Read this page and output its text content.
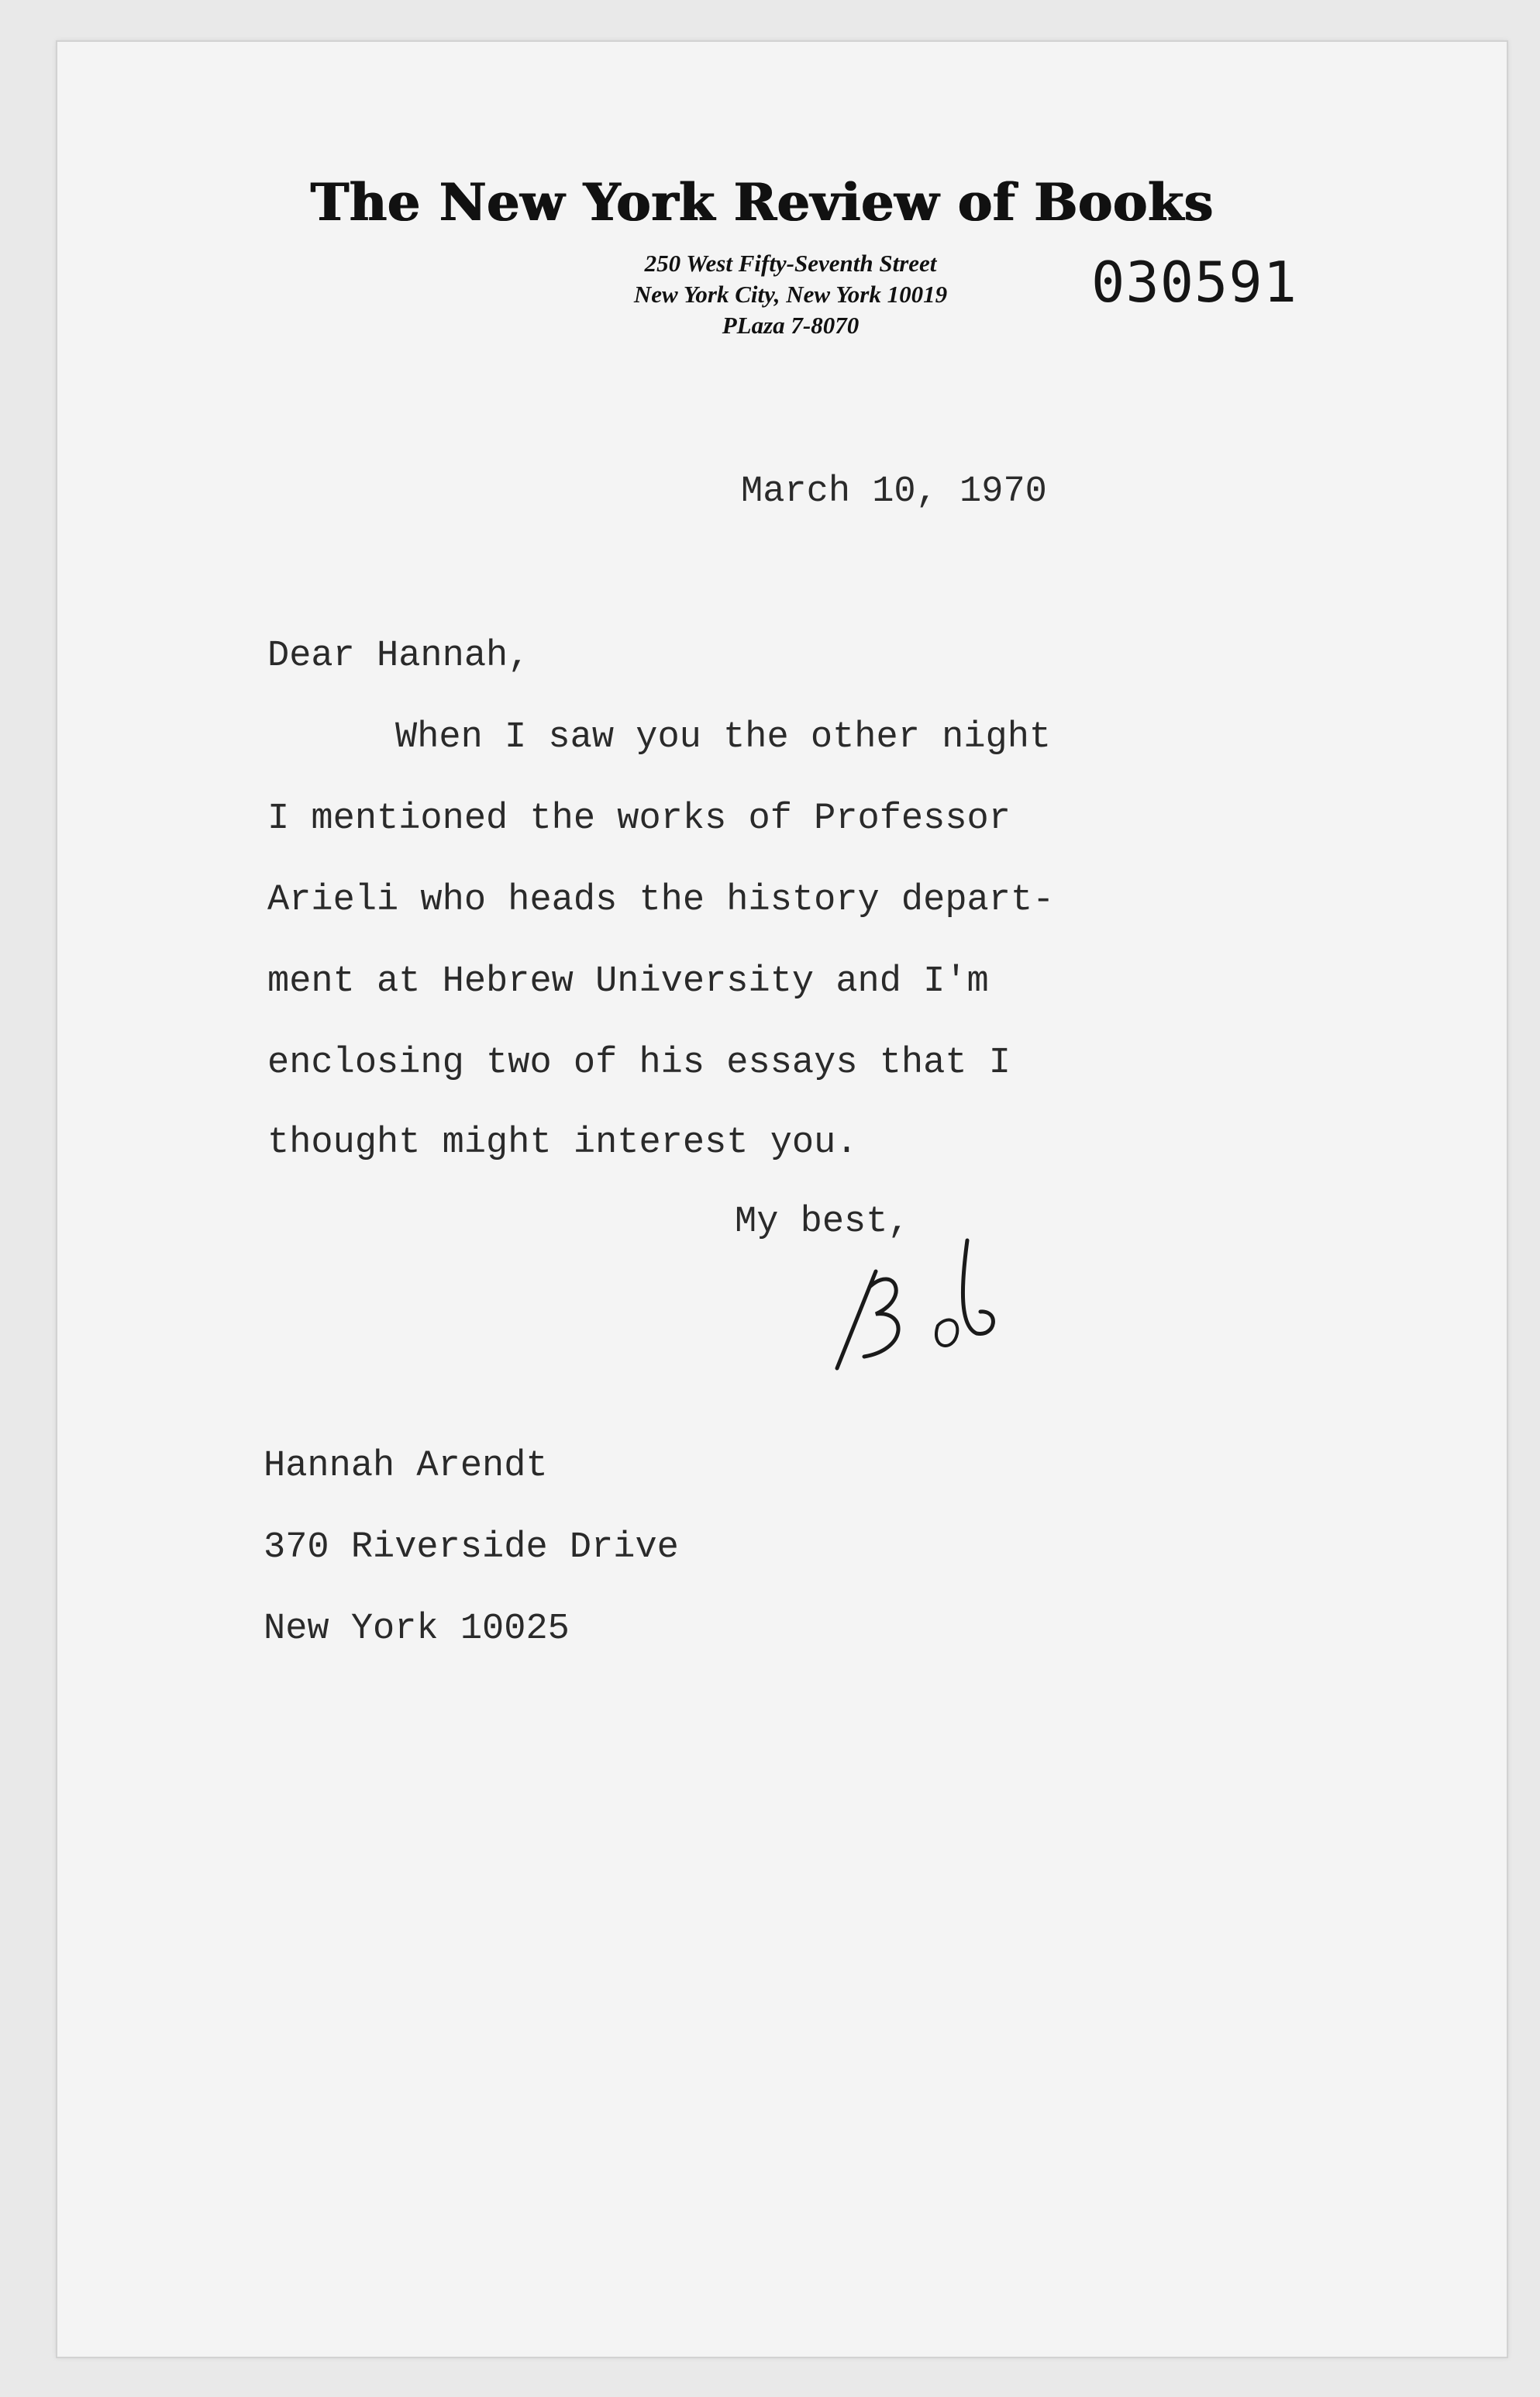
The New York Review of Books
250 West Fifty-Seventh Street
New York City, New York 10019
PLaza 7-8070
030591
March 10, 1970
Dear Hannah,
When I saw you the other night
I mentioned the works of Professor
Arieli who heads the history depart-
ment at Hebrew University and I'm
enclosing two of his essays that I
thought might interest you.
My best,
Hannah Arendt
370 Riverside Drive
New York 10025
